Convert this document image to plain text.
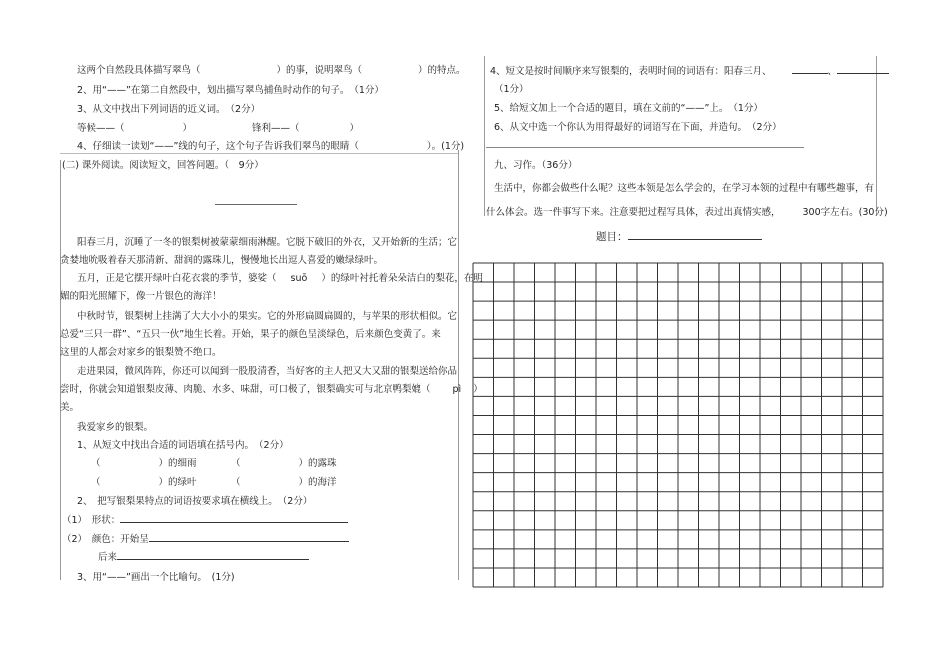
这两个自然段具体描写翠鸟（	）的事，说明翠鸟（	）的特点。
2、用“——”在第二自然段中，划出描写翠鸟捕鱼时动作的句子。　（1分）
3、从文中找出下列词语的近义词。　（2分）
等候——（	）	锋利——（	）
4、仔细读一读划“——”线的句子，这个句子告诉我们翠鸟的眼睛（	）。(1分)
(二) 课外阅读。阅读短文，回答问题。（　9分）
阳春三月，沉睡了一冬的银梨树被蒙蒙细雨淋醒。它脱下破旧的外衣，又开始新的生活；它
贪婪地吮吸着春天那清新、甜润的露珠儿，慢慢地长出逗人喜爱的嫩绿绿叶。
五月，正是它摆开绿叶白花衣裳的季节，婆娑（ suō ）的绿叶衬托着朵朵洁白的梨花，在明
媚的阳光照耀下，像一片银色的海洋！
中秋时节，银梨树上挂满了大大小小的果实。它的外形扁圆扁圆的，与苹果的形状相似。它
总爱“三只一群”、“五只一伙”地生长着。开始，果子的颜色呈淡绿色，后来颜色变黄了。来
这里的人都会对家乡的银梨赞不绝口。
走进果园，微风阵阵，你还可以闻到一股股清香，当好客的主人把又大又甜的银梨送给你品
尝时，你就会知道银梨皮薄、肉脆、水多、味甜，可口极了，银梨确实可与北京鸭梨媲（ pì ）
美。
我爱家乡的银梨。
1、从短文中找出合适的词语填在括号内。　（2分）
（	）的细雨	（	）的露珠
（	）的绿叶	（	）的海洋
2、　把写银梨果特点的词语按要求填在横线上。　（2分）
（1）　形状：
（2）　颜色：开始呈
后来
3、用“——”画出一个比喻句。　(1分)
4、短文是按时间顺序来写银梨的，表明时间的词语有：阳春三月、	、
（1分）
5、给短文加上一个合适的题目，填在文前的“——”上。　（1分）
6、从文中选一个你认为用得最好的词语写在下面，并造句。　（2分）
九、习作。（36分）
生活中，你都会做些什么呢？这些本领是怎么学会的，在学习本领的过程中有哪些趣事，有
什么体会。选一件事写下来。注意要把过程写具体，表过出真情实感， 300字左右。(30分)
题目：
